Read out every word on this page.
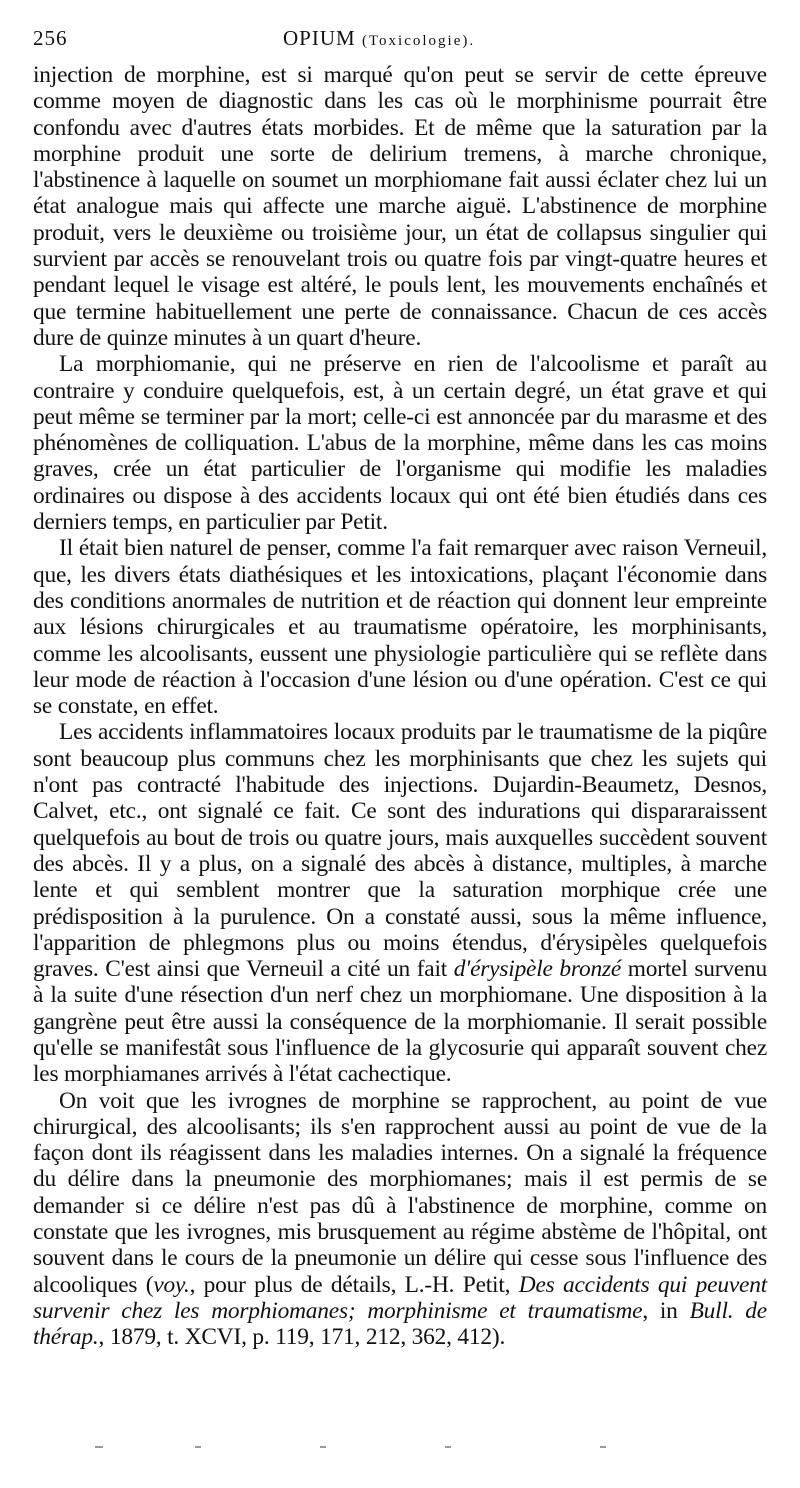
256	OPIUM (Toxicologie).

injection de morphine, est si marqué qu'on peut se servir de cette épreuve comme moyen de diagnostic dans les cas où le morphinisme pourrait être confondu avec d'autres états morbides. Et de même que la saturation par la morphine produit une sorte de delirium tremens, à marche chronique, l'abstinence à laquelle on soumet un morphiomane fait aussi éclater chez lui un état analogue mais qui affecte une marche aiguë. L'abstinence de morphine produit, vers le deuxième ou troisième jour, un état de collapsus singulier qui survient par accès se renouvelant trois ou quatre fois par vingt-quatre heures et pendant lequel le visage est altéré, le pouls lent, les mouvements enchaînés et que termine habituellement une perte de connaissance. Chacun de ces accès dure de quinze minutes à un quart d'heure.

La morphiomanie, qui ne préserve en rien de l'alcoolisme et paraît au contraire y conduire quelquefois, est, à un certain degré, un état grave et qui peut même se terminer par la mort; celle-ci est annoncée par du marasme et des phénomènes de colliquation. L'abus de la morphine, même dans les cas moins graves, crée un état particulier de l'organisme qui modifie les maladies ordinaires ou dispose à des accidents locaux qui ont été bien étudiés dans ces derniers temps, en particulier par Petit.

Il était bien naturel de penser, comme l'a fait remarquer avec raison Verneuil, que, les divers états diathésiques et les intoxications, plaçant l'économie dans des conditions anormales de nutrition et de réaction qui donnent leur empreinte aux lésions chirurgicales et au traumatisme opératoire, les morphinisants, comme les alcoolisants, eussent une physiologie particulière qui se reflète dans leur mode de réaction à l'occasion d'une lésion ou d'une opération. C'est ce qui se constate, en effet.

Les accidents inflammatoires locaux produits par le traumatisme de la piqûre sont beaucoup plus communs chez les morphinisants que chez les sujets qui n'ont pas contracté l'habitude des injections. Dujardin-Beaumetz, Desnos, Calvet, etc., ont signalé ce fait. Ce sont des indurations qui dispararaissent quelquefois au bout de trois ou quatre jours, mais auxquelles succèdent souvent des abcès. Il y a plus, on a signalé des abcès à distance, multiples, à marche lente et qui semblent montrer que la saturation morphique crée une prédisposition à la purulence. On a constaté aussi, sous la même influence, l'apparition de phlegmons plus ou moins étendus, d'érysipèles quelquefois graves. C'est ainsi que Verneuil a cité un fait d'érysipèle bronzé mortel survenu à la suite d'une résection d'un nerf chez un morphiomane. Une disposition à la gangrène peut être aussi la conséquence de la morphiomanie. Il serait possible qu'elle se manifestât sous l'influence de la glycosurie qui apparaît souvent chez les morphiamanes arrivés à l'état cachectique.

On voit que les ivrognes de morphine se rapprochent, au point de vue chirurgical, des alcoolisants; ils s'en rapprochent aussi au point de vue de la façon dont ils réagissent dans les maladies internes. On a signalé la fréquence du délire dans la pneumonie des morphiomanes; mais il est permis de se demander si ce délire n'est pas dû à l'abstinence de morphine, comme on constate que les ivrognes, mis brusquement au régime abstème de l'hôpital, ont souvent dans le cours de la pneumonie un délire qui cesse sous l'influence des alcooliques (voy., pour plus de détails, L.-H. Petit, Des accidents qui peuvent survenir chez les morphiomanes; morphinisme et traumatisme, in Bull. de thérap., 1879, t. XCVI, p. 119, 171, 212, 362, 412).
